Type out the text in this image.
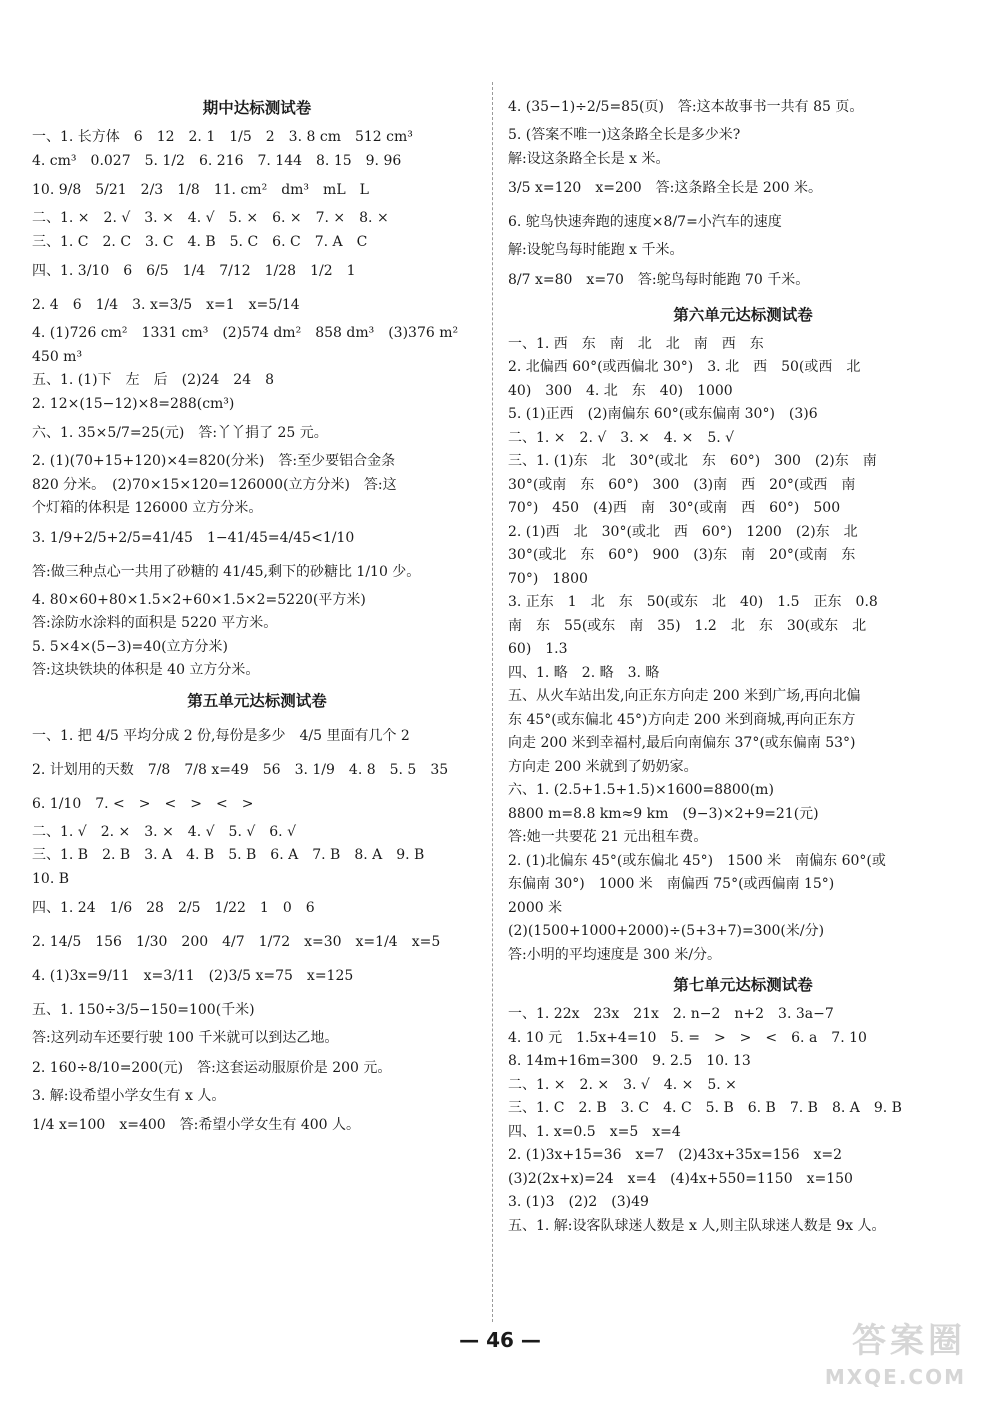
期中达标测试卷
一、1. 长方体　6　12　2. 1　1/5　2　3. 8 cm　512 cm³
4. cm³　0.027　5. 1/2　6. 216　7. 144　8. 15　9. 96
10. 9/8　5/21　2/3　1/8　11. cm²　dm³　mL　L
二、1. ×　2. √　3. ×　4. √　5. ×　6. ×　7. ×　8. ×
三、1. C　2. C　3. C　4. B　5. C　6. C　7. A　C
四、1. 3/10　6　6/5　1/4　7/12　1/28　1/2　1
2. 4　6　1/4　3. x=3/5　x=1　x=5/14
4. (1)726 cm²　1331 cm³　(2)574 dm²　858 dm³　(3)376 m²
450 m³
五、1. (1)下　左　后　(2)24　24　8
2. 12×(15−12)×8=288(cm³)
六、1. 35×5/7=25(元)　答:丫丫捐了 25 元。
2. (1)(70+15+120)×4=820(分米)　答:至少要铝合金条
820 分米。　(2)70×15×120=126000(立方分米)　答:这
个灯箱的体积是 126000 立方分米。
3. 1/9+2/5+2/5=41/45　1−41/45=4/45<1/10
答:做三种点心一共用了砂糖的 41/45,剩下的砂糖比 1/10 少。
4. 80×60+80×1.5×2+60×1.5×2=5220(平方米)
答:涂防水涂料的面积是 5220 平方米。
5. 5×4×(5−3)=40(立方分米)
答:这块铁块的体积是 40 立方分米。
第五单元达标测试卷
一、1. 把 4/5 平均分成 2 份,每份是多少　4/5 里面有几个 2
2. 计划用的天数　7/8　7/8 x=49　56　3. 1/9　4. 8　5. 5　35
6. 1/10　7. <　>　<　>　<　>
二、1. √　2. ×　3. ×　4. √　5. √　6. √
三、1. B　2. B　3. A　4. B　5. B　6. A　7. B　8. A　9. B
10. B
四、1. 24　1/6　28　2/5　1/22　1　0　6
2. 14/5　156　1/30　200　4/7　1/72　x=30　x=1/4　x=5
4. (1)3x=9/11　x=3/11　(2)3/5 x=75　x=125
五、1. 150÷3/5−150=100(千米)
答:这列动车还要行驶 100 千米就可以到达乙地。
2. 160÷8/10=200(元)　答:这套运动服原价是 200 元。
3. 解:设希望小学女生有 x 人。
1/4 x=100　x=400　答:希望小学女生有 400 人。
4. (35−1)÷2/5=85(页)　答:这本故事书一共有 85 页。
5. (答案不唯一)这条路全长是多少米?
解:设这条路全长是 x 米。
3/5 x=120　x=200　答:这条路全长是 200 米。
6. 鸵鸟快速奔跑的速度×8/7=小汽车的速度
解:设鸵鸟每时能跑 x 千米。
8/7 x=80　x=70　答:鸵鸟每时能跑 70 千米。
第六单元达标测试卷
一、1. 西　东　南　北　北　南　西　东
2. 北偏西 60°(或西偏北 30°)　3. 北　西　50(或西　北
40)　300　4. 北　东　40)　1000
5. (1)正西　(2)南偏东 60°(或东偏南 30°)　(3)6
二、1. ×　2. √　3. ×　4. ×　5. √
三、1. (1)东　北　30°(或北　东　60°)　300　(2)东　南
30°(或南　东　60°)　300　(3)南　西　20°(或西　南
70°)　450　(4)西　南　30°(或南　西　60°)　500
2. (1)西　北　30°(或北　西　60°)　1200　(2)东　北
30°(或北　东　60°)　900　(3)东　南　20°(或南　东
70°)　1800
3. 正东　1　北　东　50(或东　北　40)　1.5　正东　0.8
南　东　55(或东　南　35)　1.2　北　东　30(或东　北
60)　1.3
四、1. 略　2. 略　3. 略
五、从火车站出发,向正东方向走 200 米到广场,再向北偏
东 45°(或东偏北 45°)方向走 200 米到商城,再向正东方
向走 200 米到幸福村,最后向南偏东 37°(或东偏南 53°)
方向走 200 米就到了奶奶家。
六、1. (2.5+1.5+1.5)×1600=8800(m)
8800 m=8.8 km≈9 km　(9−3)×2+9=21(元)
答:她一共要花 21 元出租车费。
2. (1)北偏东 45°(或东偏北 45°)　1500 米　南偏东 60°(或
东偏南 30°)　1000 米　南偏西 75°(或西偏南 15°)
2000 米
(2)(1500+1000+2000)÷(5+3+7)=300(米/分)
答:小明的平均速度是 300 米/分。
第七单元达标测试卷
一、1. 22x　23x　21x　2. n−2　n+2　3. 3a−7
4. 10 元　1.5x+4=10　5. =　>　>　<　6. a　7. 10
8. 14m+16m=300　9. 2.5　10. 13
二、1. ×　2. ×　3. √　4. ×　5. ×
三、1. C　2. B　3. C　4. C　5. B　6. B　7. B　8. A　9. B
四、1. x=0.5　x=5　x=4
2. (1)3x+15=36　x=7　(2)43x+35x=156　x=2
(3)2(2x+x)=24　x=4　(4)4x+550=1150　x=150
3. (1)3　(2)2　(3)49
五、1. 解:设客队球迷人数是 x 人,则主队球迷人数是 9x 人。
— 46 —	答案圈
MXQE.COM
